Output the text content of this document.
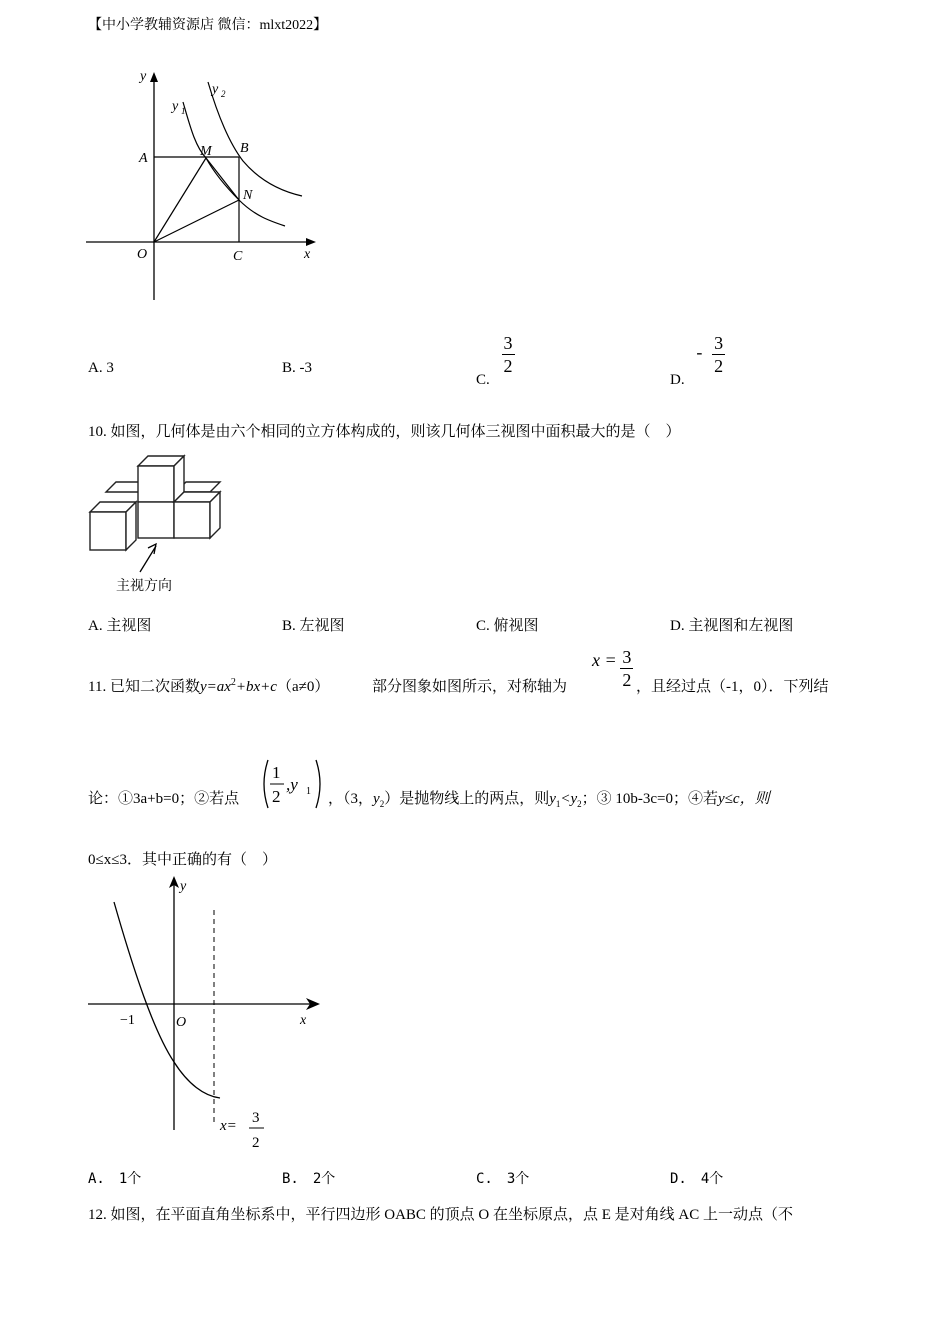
【中小学教辅资源店 微信：mlxt2022】
y
x
y 1
y 2
A
B
M
N
O	C
A. 3	B. -3
C.
$\frac{3}{2}$
D. - $\frac{3}{2}$
10. 如图，几何体是由六个相同的立方体构成的，则该几何体三视图中面积最大的是（　）
主视方向
A. 主视图	B. 左视图	C. 俯视图	D. 主视图和左视图
11. 已知二次函数$y=ax^2+bx+c(a\ne 0)$	部分图象如图所示，对称轴为
$x = \frac{3}{2}$ ，且经过点（-1，0）．下列结
论：①3a+b=0；②若点
1
2
,y 1 ，（3，$y_2$）是抛物线上的两点，则$y_1<y_2$；③ 10b-3c=0；④若y≤c，则
0≤x≤3．其中正确的有（　）
y
x
−1	O
x= 3
2
A.　1个	B.　2个	C.　3个	D.　4个
12. 如图，在平面直角坐标系中，平行四边形 OABC 的顶点 O 在坐标原点，点 E 是对角线 AC 上一动点（不
